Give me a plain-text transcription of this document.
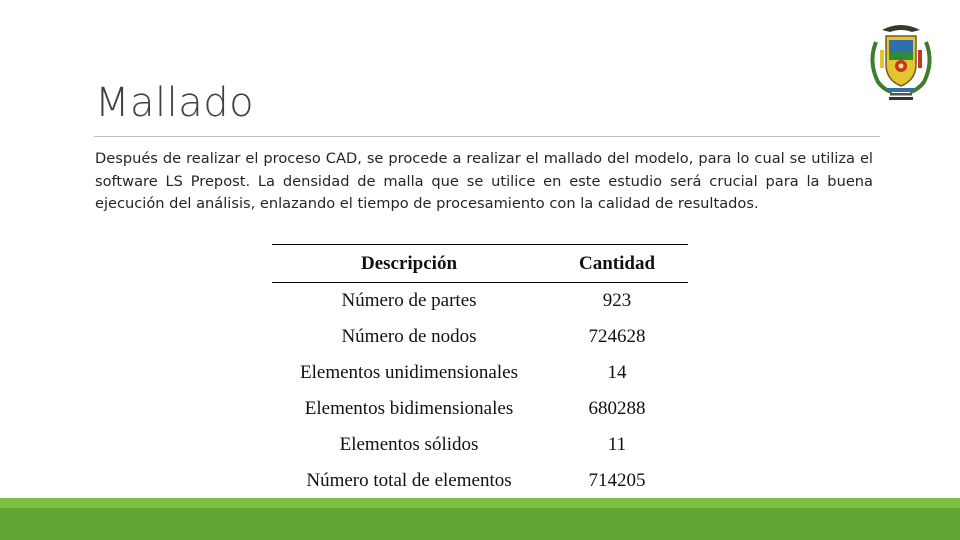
Mallado
Después de realizar el proceso CAD, se procede a realizar el mallado del modelo, para lo cual se utiliza el software LS Prepost. La densidad de malla que se utilice en este estudio será crucial para la buena ejecución del análisis, enlazando el tiempo de procesamiento con la calidad de resultados.
Descripción	Cantidad
Número de partes	923
Número de nodos	724628
Elementos unidimensionales	14
Elementos bidimensionales	680288
Elementos sólidos	11
Número total de elementos	714205
